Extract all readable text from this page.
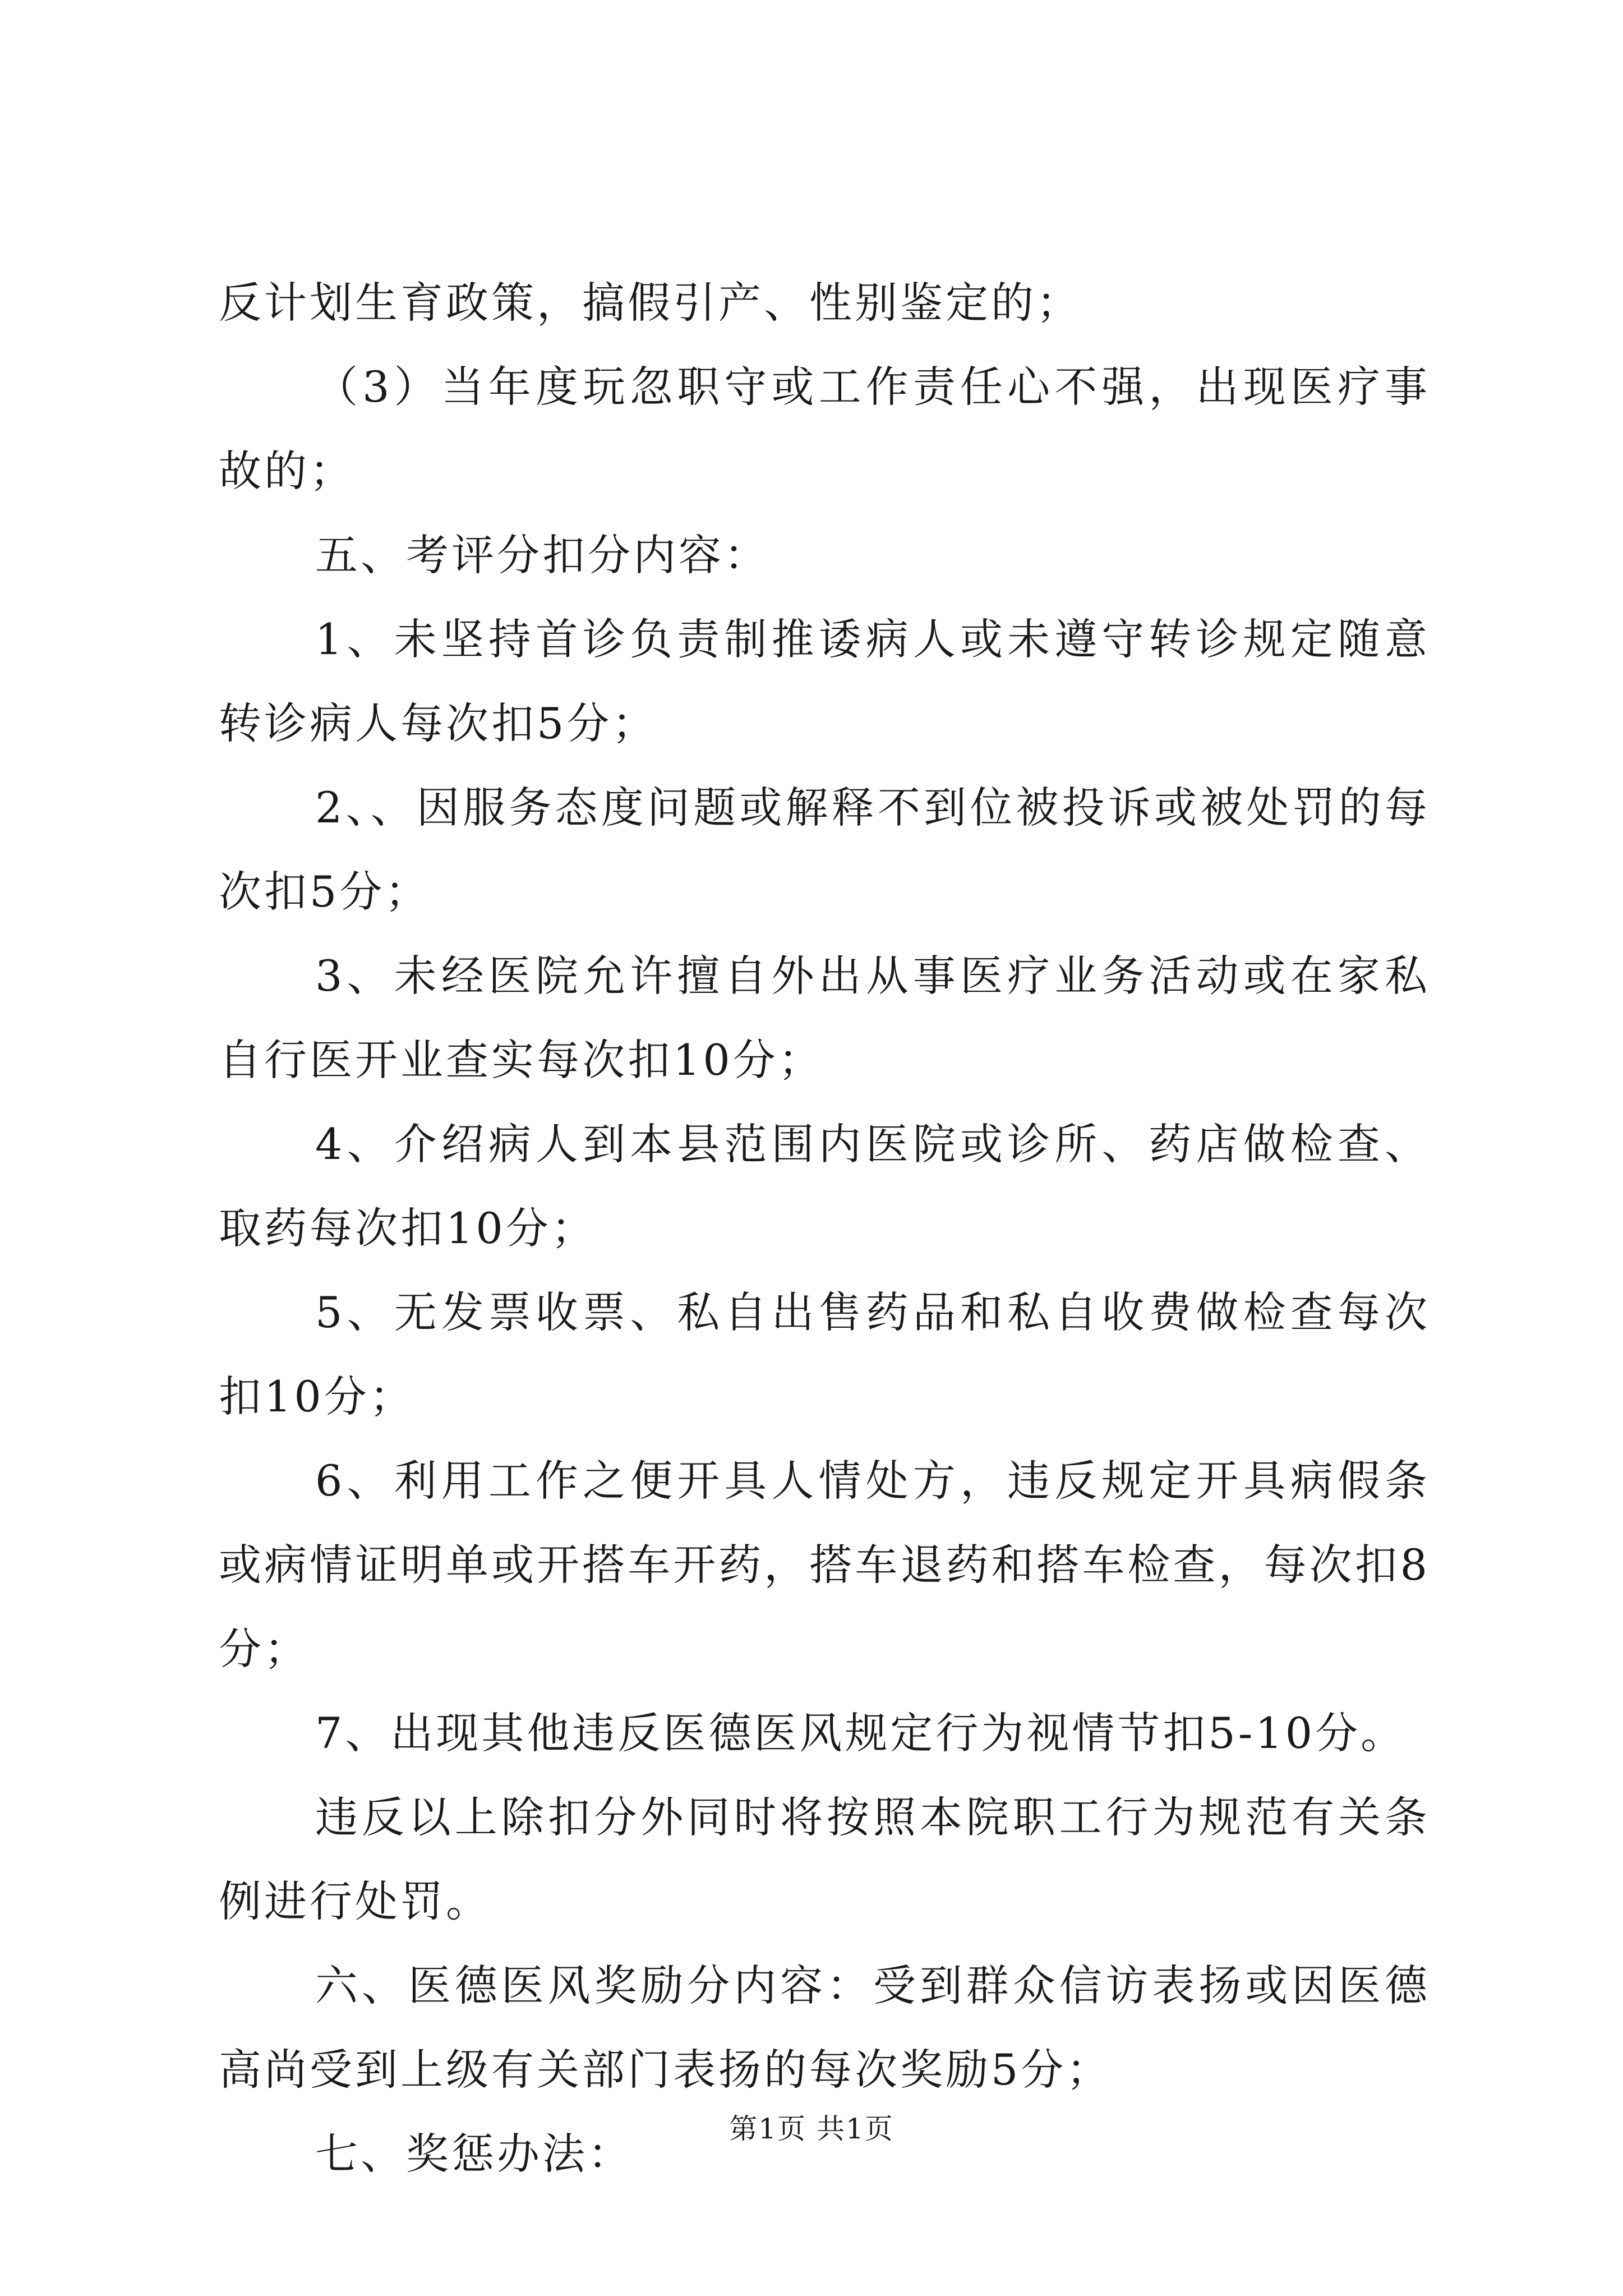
反计划生育政策，搞假引产、性别鉴定的；

（3）当年度玩忽职守或工作责任心不强，出现医疗事故的；

五、考评分扣分内容：

1、未坚持首诊负责制推诿病人或未遵守转诊规定随意转诊病人每次扣5分；

2、、因服务态度问题或解释不到位被投诉或被处罚的每次扣5分；

3、未经医院允许擅自外出从事医疗业务活动或在家私自行医开业查实每次扣10分；

4、介绍病人到本县范围内医院或诊所、药店做检查、取药每次扣10分；

5、无发票收票、私自出售药品和私自收费做检查每次扣10分；

6、利用工作之便开具人情处方，违反规定开具病假条或病情证明单或开搭车开药，搭车退药和搭车检查，每次扣8分；

7、出现其他违反医德医风规定行为视情节扣5-10分。

违反以上除扣分外同时将按照本院职工行为规范有关条例进行处罚。

六、医德医风奖励分内容：受到群众信访表扬或因医德高尚受到上级有关部门表扬的每次奖励5分；

七、奖惩办法：	第1页 共1页
